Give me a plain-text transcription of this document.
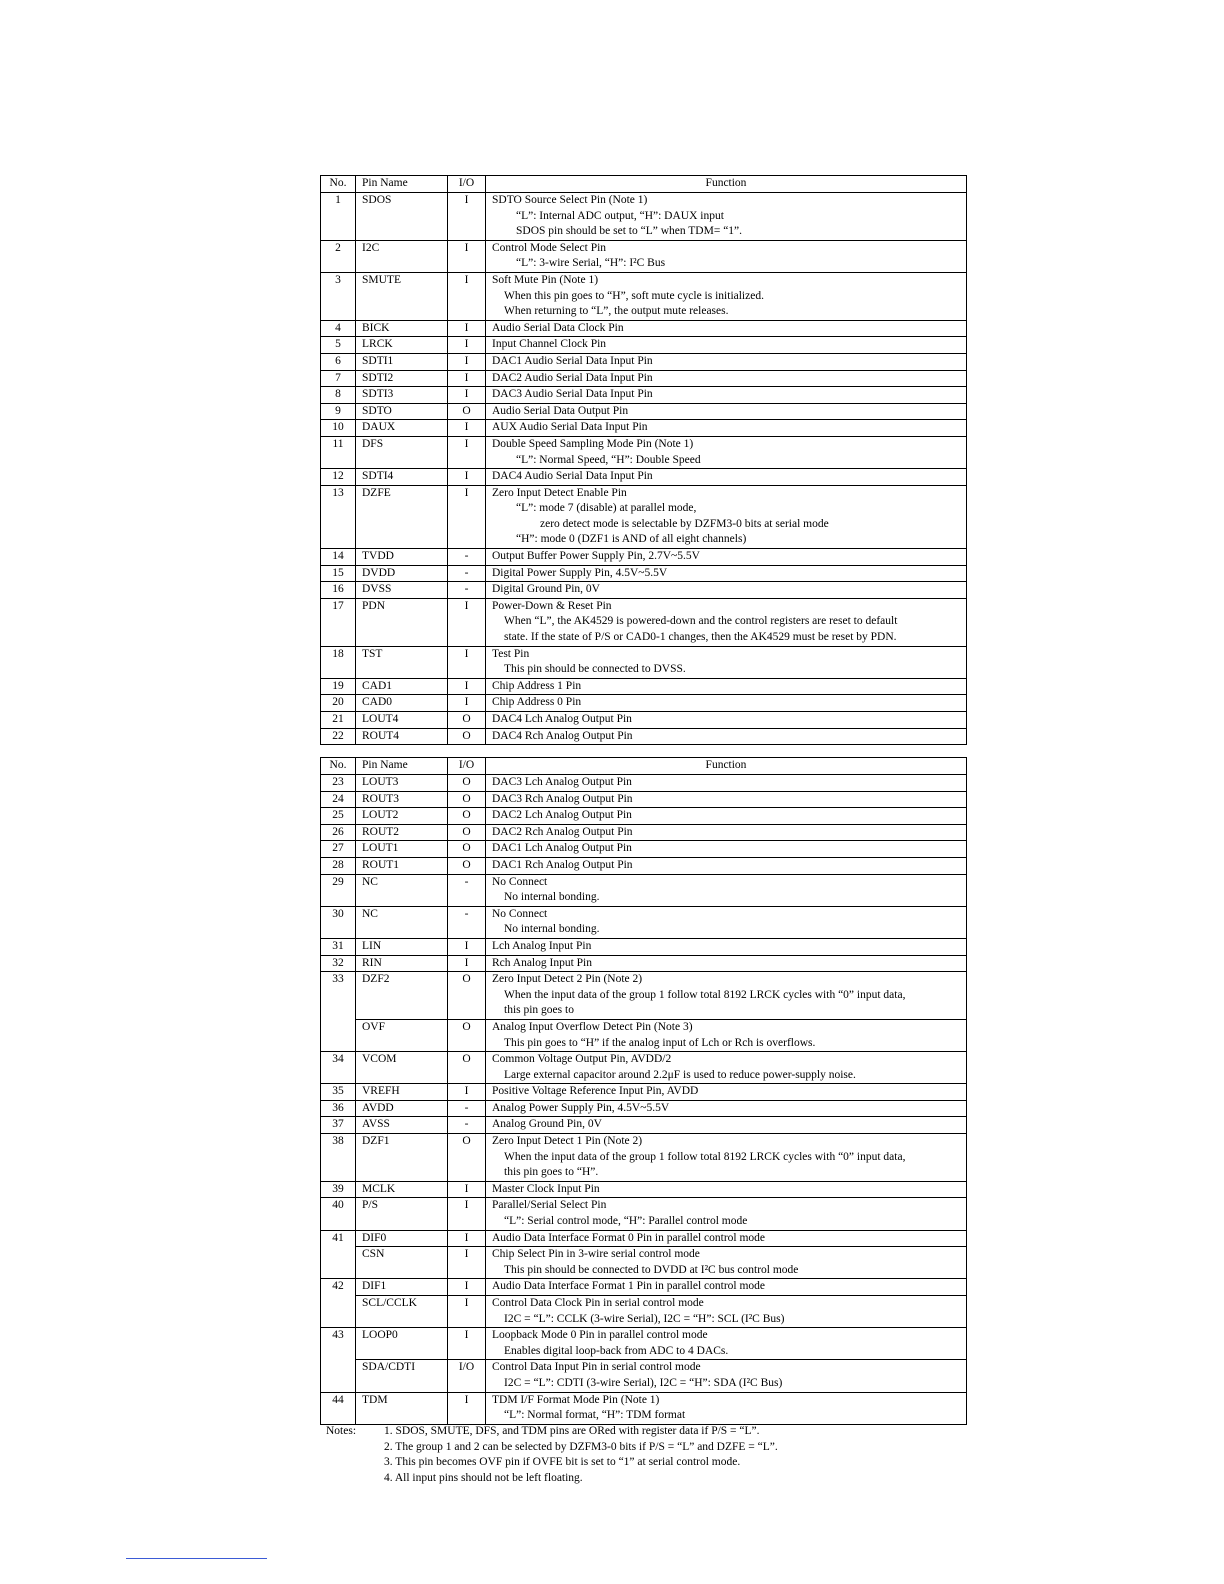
No.	Pin Name	I/O	Function
1	SDOS	I	SDTO Source Select Pin (Note 1)
“L”: Internal ADC output, “H”: DAUX input
SDOS pin should be set to “L” when TDM= “1”.

2	I2C	I	Control Mode Select Pin
“L”: 3-wire Serial, “H”: I²C Bus

3	SMUTE	I	Soft Mute Pin (Note 1)
When this pin goes to “H”, soft mute cycle is initialized.
When returning to “L”, the output mute releases.

4	BICK	I	Audio Serial Data Clock Pin

5	LRCK	I	Input Channel Clock Pin

6	SDTI1	I	DAC1 Audio Serial Data Input Pin

7	SDTI2	I	DAC2 Audio Serial Data Input Pin

8	SDTI3	I	DAC3 Audio Serial Data Input Pin

9	SDTO	O	Audio Serial Data Output Pin

10	DAUX	I	AUX Audio Serial Data Input Pin

11	DFS	I	Double Speed Sampling Mode Pin (Note 1)
“L”: Normal Speed, “H”: Double Speed

12	SDTI4	I	DAC4 Audio Serial Data Input Pin

13	DZFE	I	Zero Input Detect Enable Pin
“L”: mode 7 (disable) at parallel mode,
zero detect mode is selectable by DZFM3-0 bits at serial mode
“H”: mode 0 (DZF1 is AND of all eight channels)

14	TVDD	-	Output Buffer Power Supply Pin, 2.7V~5.5V

15	DVDD	-	Digital Power Supply Pin, 4.5V~5.5V

16	DVSS	-	Digital Ground Pin, 0V

17	PDN	I	Power-Down & Reset Pin
When “L”, the AK4529 is powered-down and the control registers are reset to default
state. If the state of P/S or CAD0-1 changes, then the AK4529 must be reset by PDN.

18	TST	I	Test Pin
This pin should be connected to DVSS.

19	CAD1	I	Chip Address 1 Pin

20	CAD0	I	Chip Address 0 Pin

21	LOUT4	O	DAC4 Lch Analog Output Pin

22	ROUT4	O	DAC4 Rch Analog Output Pin
No.	Pin Name	I/O	Function
23	LOUT3	O	DAC3 Lch Analog Output Pin

24	ROUT3	O	DAC3 Rch Analog Output Pin

25	LOUT2	O	DAC2 Lch Analog Output Pin

26	ROUT2	O	DAC2 Rch Analog Output Pin

27	LOUT1	O	DAC1 Lch Analog Output Pin

28	ROUT1	O	DAC1 Rch Analog Output Pin

29	NC	-	No Connect
No internal bonding.

30	NC	-	No Connect
No internal bonding.

31	LIN	I	Lch Analog Input Pin

32	RIN	I	Rch Analog Input Pin

33	DZF2	O	Zero Input Detect 2 Pin (Note 2)
When the input data of the group 1 follow total 8192 LRCK cycles with “0” input data,
this pin goes to

	OVF	O	Analog Input Overflow Detect Pin (Note 3)
This pin goes to “H” if the analog input of Lch or Rch is overflows.

34	VCOM	O	Common Voltage Output Pin, AVDD/2
Large external capacitor around 2.2μF is used to reduce power-supply noise.

35	VREFH	I	Positive Voltage Reference Input Pin, AVDD

36	AVDD	-	Analog Power Supply Pin, 4.5V~5.5V

37	AVSS	-	Analog Ground Pin, 0V

38	DZF1	O	Zero Input Detect 1 Pin (Note 2)
When the input data of the group 1 follow total 8192 LRCK cycles with “0” input data,
this pin goes to “H”.

39	MCLK	I	Master Clock Input Pin

40	P/S	I	Parallel/Serial Select Pin
“L”: Serial control mode, “H”: Parallel control mode

41	DIF0	I	Audio Data Interface Format 0 Pin in parallel control mode

	CSN	I	Chip Select Pin in 3-wire serial control mode
This pin should be connected to DVDD at I²C bus control mode

42	DIF1	I	Audio Data Interface Format 1 Pin in parallel control mode

	SCL/CCLK	I	Control Data Clock Pin in serial control mode
I2C = “L”: CCLK (3-wire Serial), I2C = “H”: SCL (I²C Bus)

43	LOOP0	I	Loopback Mode 0 Pin in parallel control mode
Enables digital loop-back from ADC to 4 DACs.

	SDA/CDTI	I/O	Control Data Input Pin in serial control mode
I2C = “L”: CDTI (3-wire Serial), I2C = “H”: SDA (I²C Bus)

44	TDM	I	TDM I/F Format Mode Pin (Note 1)
“L”: Normal format, “H”: TDM format
Notes:	1. SDOS, SMUTE, DFS, and TDM pins are ORed with register data if P/S = “L”.
2. The group 1 and 2 can be selected by DZFM3-0 bits if P/S = “L” and DZFE = “L”.
3. This pin becomes OVF pin if OVFE bit is set to “1” at serial control mode.
4. All input pins should not be left floating.
